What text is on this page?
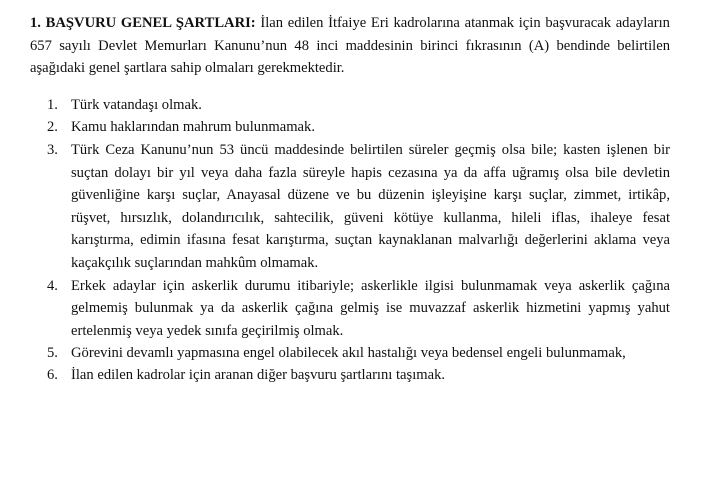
1. BAŞVURU GENEL ŞARTLARI: İlan edilen İtfaiye Eri kadrolarına atanmak için başvuracak adayların 657 sayılı Devlet Memurları Kanunu’nun 48 inci maddesinin birinci fıkrasının (A) bendinde belirtilen aşağıdaki genel şartlara sahip olmaları gerekmektedir.

1. Türk vatandaşı olmak.
2. Kamu haklarından mahrum bulunmamak.
3. Türk Ceza Kanunu’nun 53 üncü maddesinde belirtilen süreler geçmiş olsa bile; kasten işlenen bir suçtan dolayı bir yıl veya daha fazla süreyle hapis cezasına ya da affa uğramış olsa bile devletin güvenliğine karşı suçlar, Anayasal düzene ve bu düzenin işleyişine karşı suçlar, zimmet, irtikâp, rüşvet, hırsızlık, dolandırıcılık, sahtecilik, güveni kötüye kullanma, hileli iflas, ihaleye fesat karıştırma, edimin ifasına fesat karıştırma, suçtan kaynaklanan malvarlığı değerlerini aklama veya kaçakçılık suçlarından mahkûm olmamak.
4. Erkek adaylar için askerlik durumu itibariyle; askerlikle ilgisi bulunmamak veya askerlik çağına gelmemiş bulunmak ya da askerlik çağına gelmiş ise muvazzaf askerlik hizmetini yapmış yahut ertelenmiş veya yedek sınıfa geçirilmiş olmak.
5. Görevini devamlı yapmasına engel olabilecek akıl hastalığı veya bedensel engeli bulunmamak,
6. İlan edilen kadrolar için aranan diğer başvuru şartlarını taşımak.
